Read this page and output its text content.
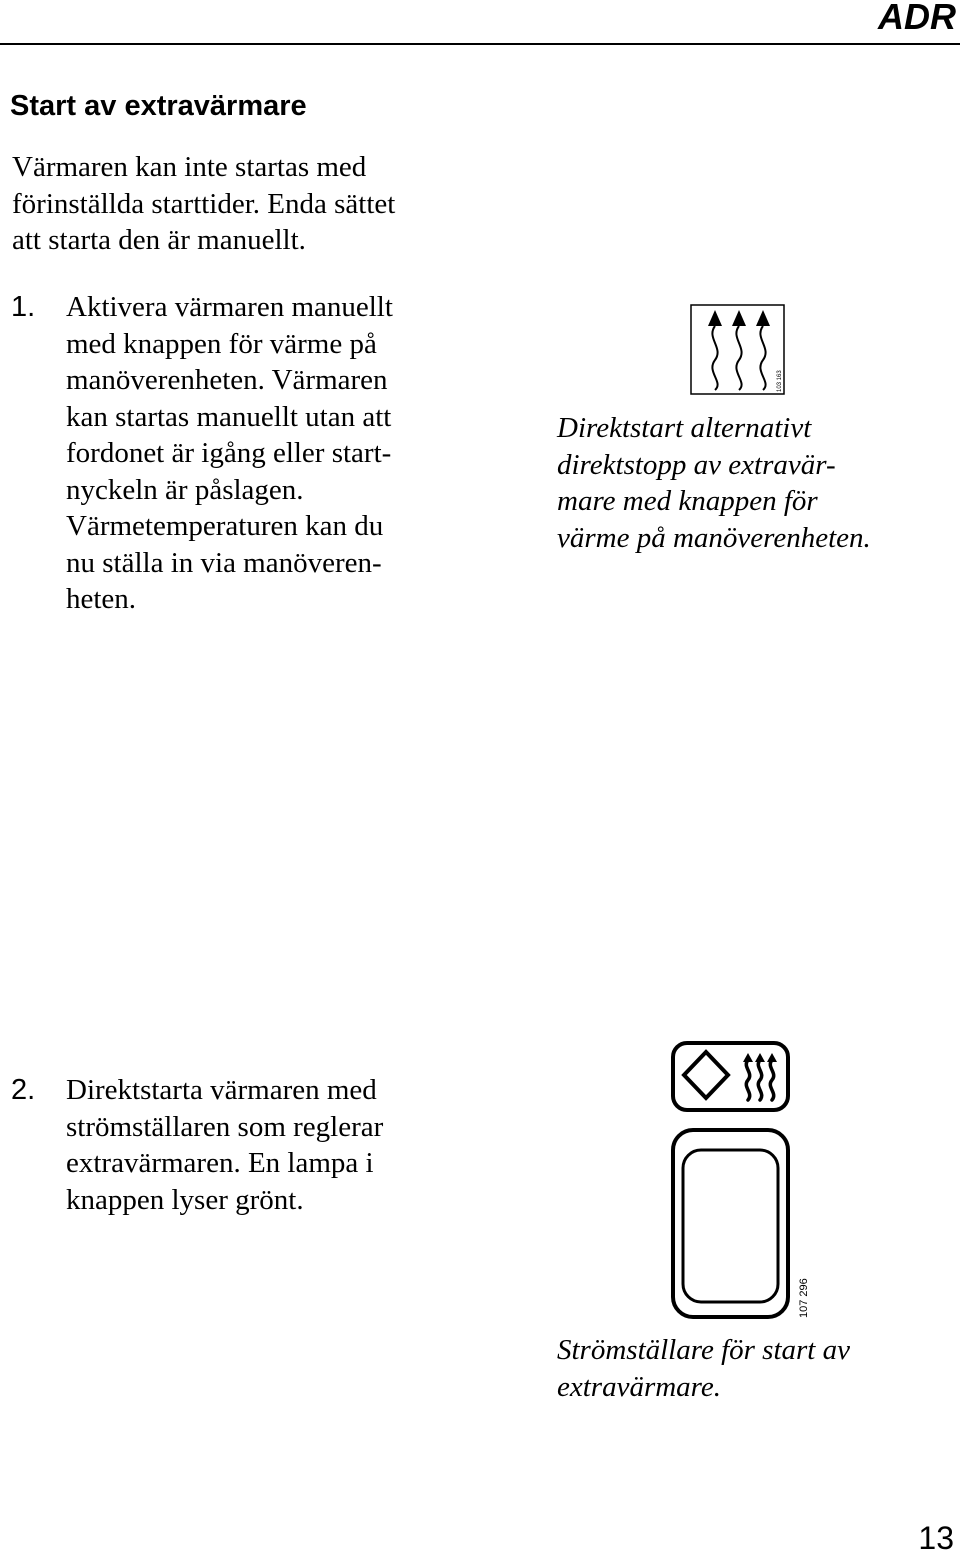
ADR
Start av extravärmare
Värmaren kan inte startas med
förinställda starttider. Enda sättet
att starta den är manuellt.
1. Aktivera värmaren manuellt
med knappen för värme på
manöverenheten. Värmaren
kan startas manuellt utan att
fordonet är igång eller start-
nyckeln är påslagen.
Värmetemperaturen kan du
nu ställa in via manöveren-
heten.
103 163
Direktstart alternativt
direktstopp av extravär-
mare med knappen för
värme på manöverenheten.
2. Direktstarta värmaren med
strömställaren som reglerar
extravärmaren. En lampa i
knappen lyser grönt.
107 296
Strömställare för start av
extravärmare.
13
